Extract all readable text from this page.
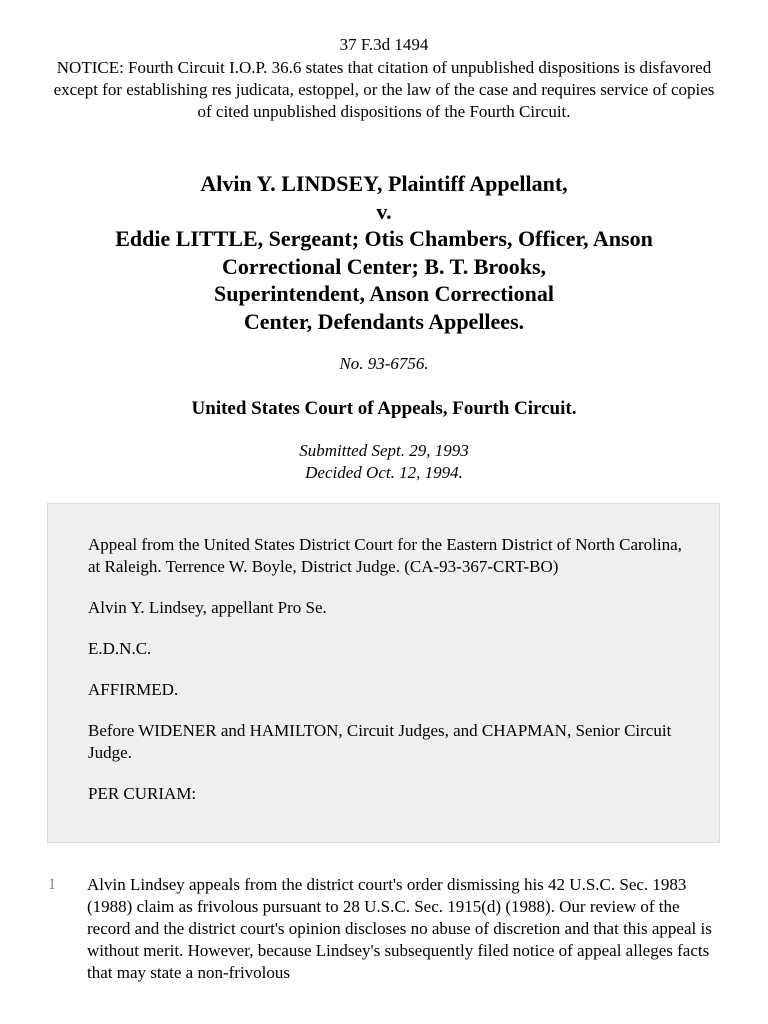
37 F.3d 1494
NOTICE: Fourth Circuit I.O.P. 36.6 states that citation of unpublished dispositions is disfavored except for establishing res judicata, estoppel, or the law of the case and requires service of copies of cited unpublished dispositions of the Fourth Circuit.
Alvin Y. LINDSEY, Plaintiff Appellant,
v.
Eddie LITTLE, Sergeant; Otis Chambers, Officer, Anson
Correctional Center; B. T. Brooks,
Superintendent, Anson Correctional
Center, Defendants Appellees.
No. 93-6756.
United States Court of Appeals, Fourth Circuit.
Submitted Sept. 29, 1993
Decided Oct. 12, 1994.

Appeal from the United States District Court for the Eastern District of North Carolina, at Raleigh. Terrence W. Boyle, District Judge. (CA-93-367-CRT-BO)

Alvin Y. Lindsey, appellant Pro Se.

E.D.N.C.

AFFIRMED.

Before WIDENER and HAMILTON, Circuit Judges, and CHAPMAN, Senior Circuit Judge.

PER CURIAM:

1 Alvin Lindsey appeals from the district court's order dismissing his 42 U.S.C. Sec. 1983 (1988) claim as frivolous pursuant to 28 U.S.C. Sec. 1915(d) (1988). Our review of the record and the district court's opinion discloses no abuse of discretion and that this appeal is without merit. However, because Lindsey's subsequently filed notice of appeal alleges facts that may state a non-frivolous
